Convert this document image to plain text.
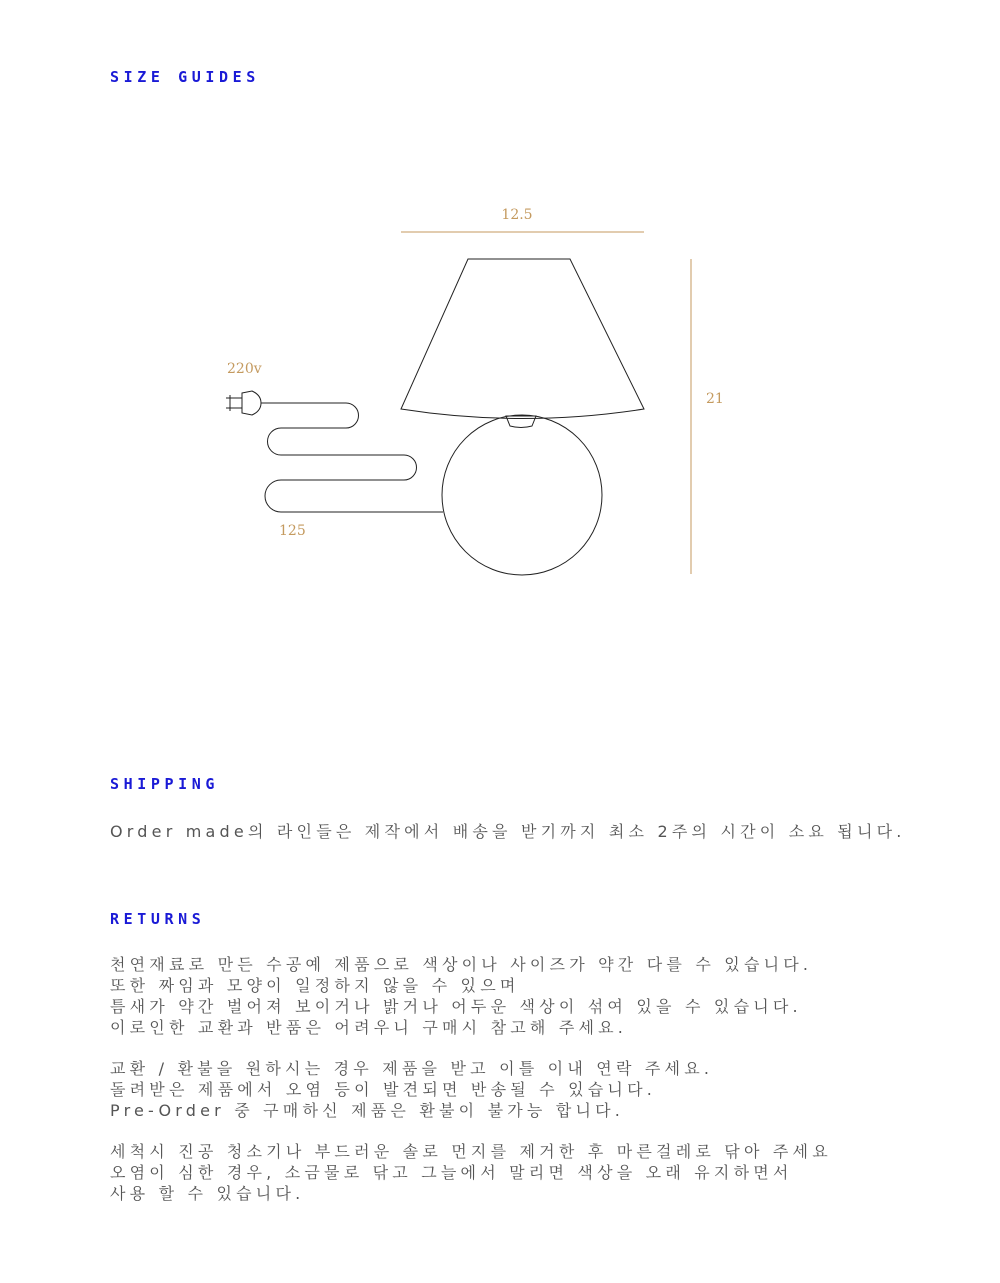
SIZE GUIDES
12.5
21
220v
125
SHIPPING

Order made의 라인들은 제작에서 배송을 받기까지 최소 2주의 시간이 소요 됩니다.

RETURNS
천연재료로 만든 수공예 제품으로 색상이나 사이즈가 약간 다를 수 있습니다.
또한 짜임과 모양이 일정하지 않을 수 있으며
틈새가 약간 벌어져 보이거나 밝거나 어두운 색상이 섞여 있을 수 있습니다.
이로인한 교환과 반품은 어려우니 구매시 참고해 주세요.
교환 / 환불을 원하시는 경우 제품을 받고 이틀 이내 연락 주세요.
돌려받은 제품에서 오염 등이 발견되면 반송될 수 있습니다.
Pre-Order 중 구매하신 제품은 환불이 불가능 합니다.
세척시 진공 청소기나 부드러운 솔로 먼지를 제거한 후 마른걸레로 닦아 주세요
오염이 심한 경우, 소금물로 닦고 그늘에서 말리면 색상을 오래 유지하면서
사용 할 수 있습니다.
